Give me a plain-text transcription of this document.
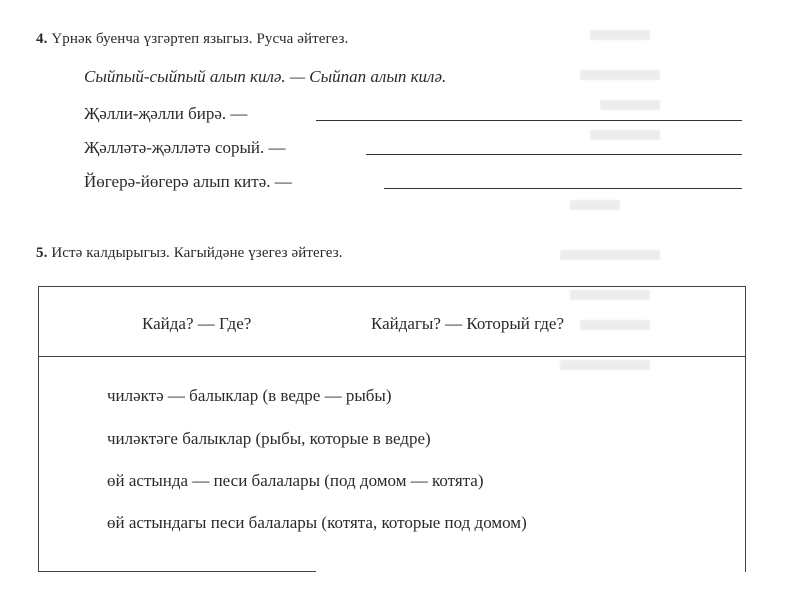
4. Үрнәк буенча үзгәртеп языгыз. Русча әйтегез.
Сыйпый-сыйпый алып килә. — Сыйпап алып килә.
Җәлли-җәлли бирә. —
Җәлләтә-җәлләтә сорый. —
Йөгерә-йөгерә алып китә. —
5. Истә калдырыгыз. Кагыйдәне үзегез әйтегез.
Кайда? — Где?	Кайдагы? — Который где?
чиләктә — балыклар (в ведре — рыбы)
чиләктәге балыклар (рыбы, которые в ведре)
өй астында — песи балалары (под домом — котята)
өй астындагы песи балалары (котята, которые под домом)
